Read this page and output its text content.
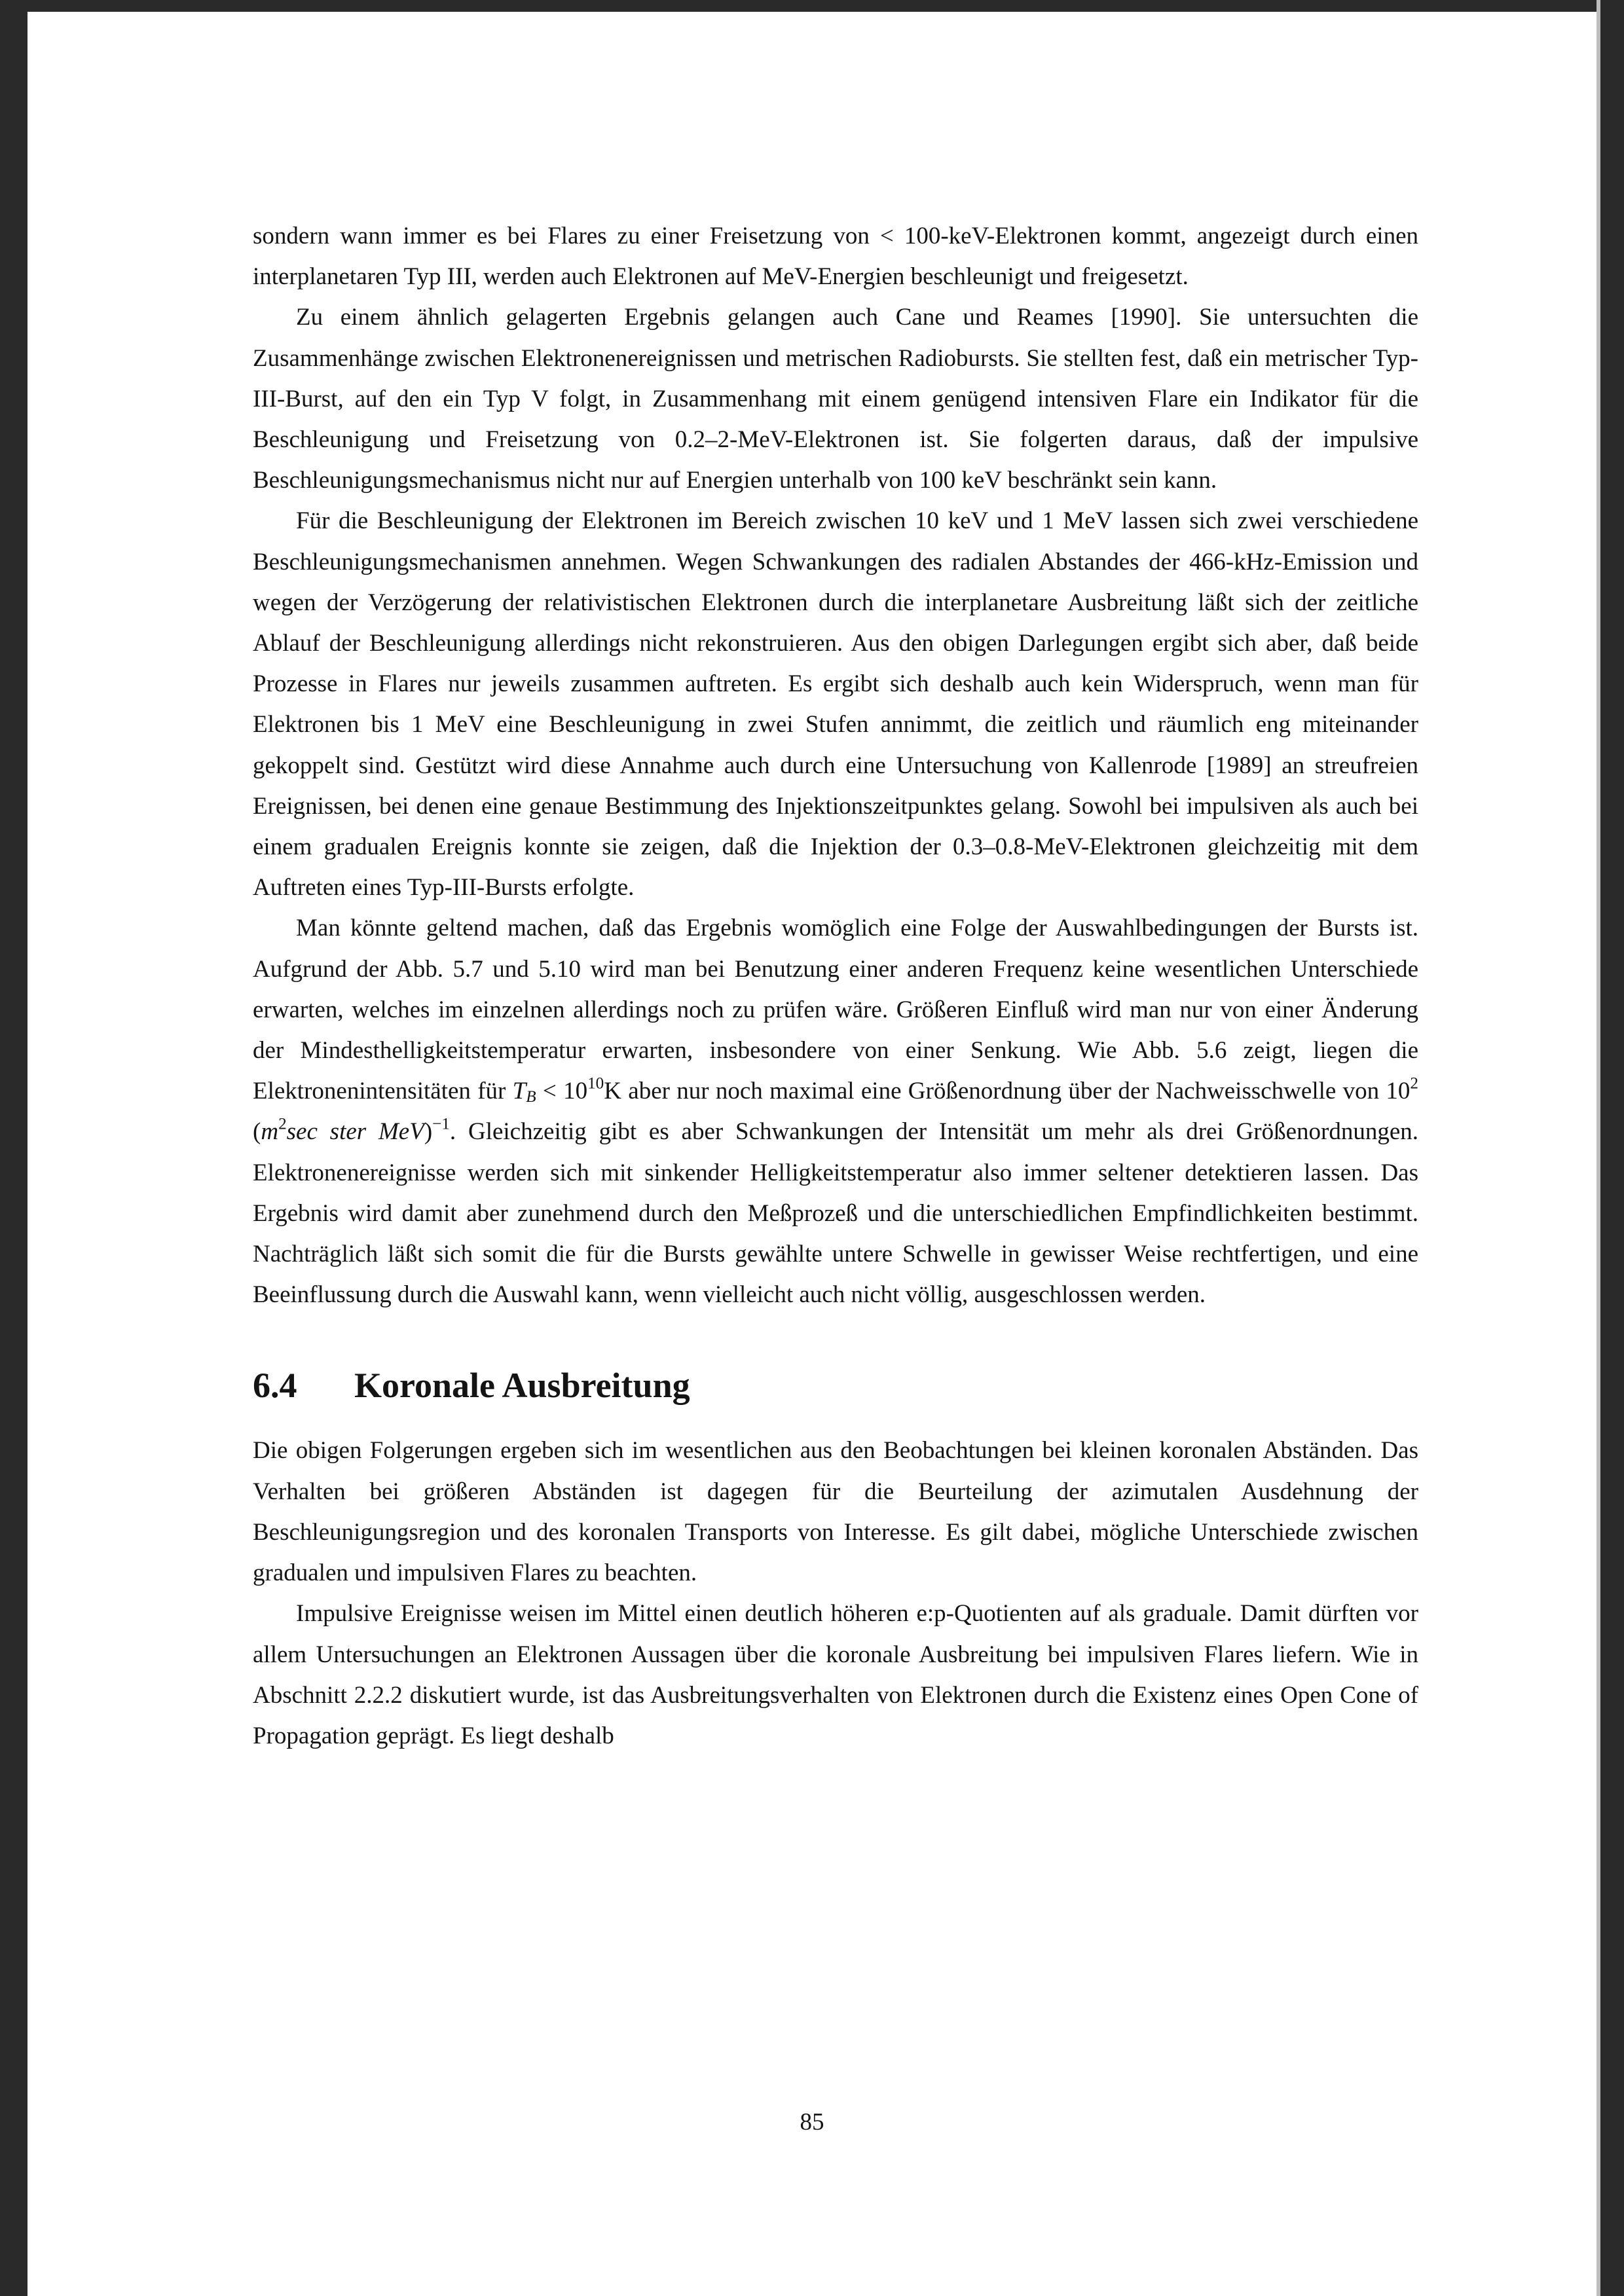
sondern wann immer es bei Flares zu einer Freisetzung von < 100-keV-Elektronen kommt, angezeigt durch einen interplanetaren Typ III, werden auch Elektronen auf MeV-Energien beschleunigt und freigesetzt.

Zu einem ähnlich gelagerten Ergebnis gelangen auch Cane und Reames [1990]. Sie untersuchten die Zusammenhänge zwischen Elektronenereignissen und metrischen Radiobursts. Sie stellten fest, daß ein metrischer Typ-III-Burst, auf den ein Typ V folgt, in Zusammenhang mit einem genügend intensiven Flare ein Indikator für die Beschleunigung und Freisetzung von 0.2–2-MeV-Elektronen ist. Sie folgerten daraus, daß der impulsive Beschleunigungsmechanismus nicht nur auf Energien unterhalb von 100 keV beschränkt sein kann.

Für die Beschleunigung der Elektronen im Bereich zwischen 10 keV und 1 MeV lassen sich zwei verschiedene Beschleunigungsmechanismen annehmen. Wegen Schwankungen des radialen Abstandes der 466-kHz-Emission und wegen der Verzögerung der relativistischen Elektronen durch die interplanetare Ausbreitung läßt sich der zeitliche Ablauf der Beschleunigung allerdings nicht rekonstruieren. Aus den obigen Darlegungen ergibt sich aber, daß beide Prozesse in Flares nur jeweils zusammen auftreten. Es ergibt sich deshalb auch kein Widerspruch, wenn man für Elektronen bis 1 MeV eine Beschleunigung in zwei Stufen annimmt, die zeitlich und räumlich eng miteinander gekoppelt sind. Gestützt wird diese Annahme auch durch eine Untersuchung von Kallenrode [1989] an streufreien Ereignissen, bei denen eine genaue Bestimmung des Injektionszeitpunktes gelang. Sowohl bei impulsiven als auch bei einem gradualen Ereignis konnte sie zeigen, daß die Injektion der 0.3–0.8-MeV-Elektronen gleichzeitig mit dem Auftreten eines Typ-III-Bursts erfolgte.

Man könnte geltend machen, daß das Ergebnis womöglich eine Folge der Auswahlbedingungen der Bursts ist. Aufgrund der Abb. 5.7 und 5.10 wird man bei Benutzung einer anderen Frequenz keine wesentlichen Unterschiede erwarten, welches im einzelnen allerdings noch zu prüfen wäre. Größeren Einfluß wird man nur von einer Änderung der Mindesthelligkeitstemperatur erwarten, insbesondere von einer Senkung. Wie Abb. 5.6 zeigt, liegen die Elektronenintensitäten für $T_B < 10^{10}K$ aber nur noch maximal eine Größenordnung über der Nachweisschwelle von $10^2$ ($m^2\sec$ ster MeV)$^{-1}$. Gleichzeitig gibt es aber Schwankungen der Intensität um mehr als drei Größenordnungen. Elektronenereignisse werden sich mit sinkender Helligkeitstemperatur also immer seltener detektieren lassen. Das Ergebnis wird damit aber zunehmend durch den Meßprozeß und die unterschiedlichen Empfindlichkeiten bestimmt. Nachträglich läßt sich somit die für die Bursts gewählte untere Schwelle in gewisser Weise rechtfertigen, und eine Beeinflussung durch die Auswahl kann, wenn vielleicht auch nicht völlig, ausgeschlossen werden.

6.4 Koronale Ausbreitung

Die obigen Folgerungen ergeben sich im wesentlichen aus den Beobachtungen bei kleinen koronalen Abständen. Das Verhalten bei größeren Abständen ist dagegen für die Beurteilung der azimutalen Ausdehnung der Beschleunigungsregion und des koronalen Transports von Interesse. Es gilt dabei, mögliche Unterschiede zwischen gradualen und impulsiven Flares zu beachten.

Impulsive Ereignisse weisen im Mittel einen deutlich höheren e:p-Quotienten auf als graduale. Damit dürften vor allem Untersuchungen an Elektronen Aussagen über die koronale Ausbreitung bei impulsiven Flares liefern. Wie in Abschnitt 2.2.2 diskutiert wurde, ist das Ausbreitungsverhalten von Elektronen durch die Existenz eines Open Cone of Propagation geprägt. Es liegt deshalb

85
